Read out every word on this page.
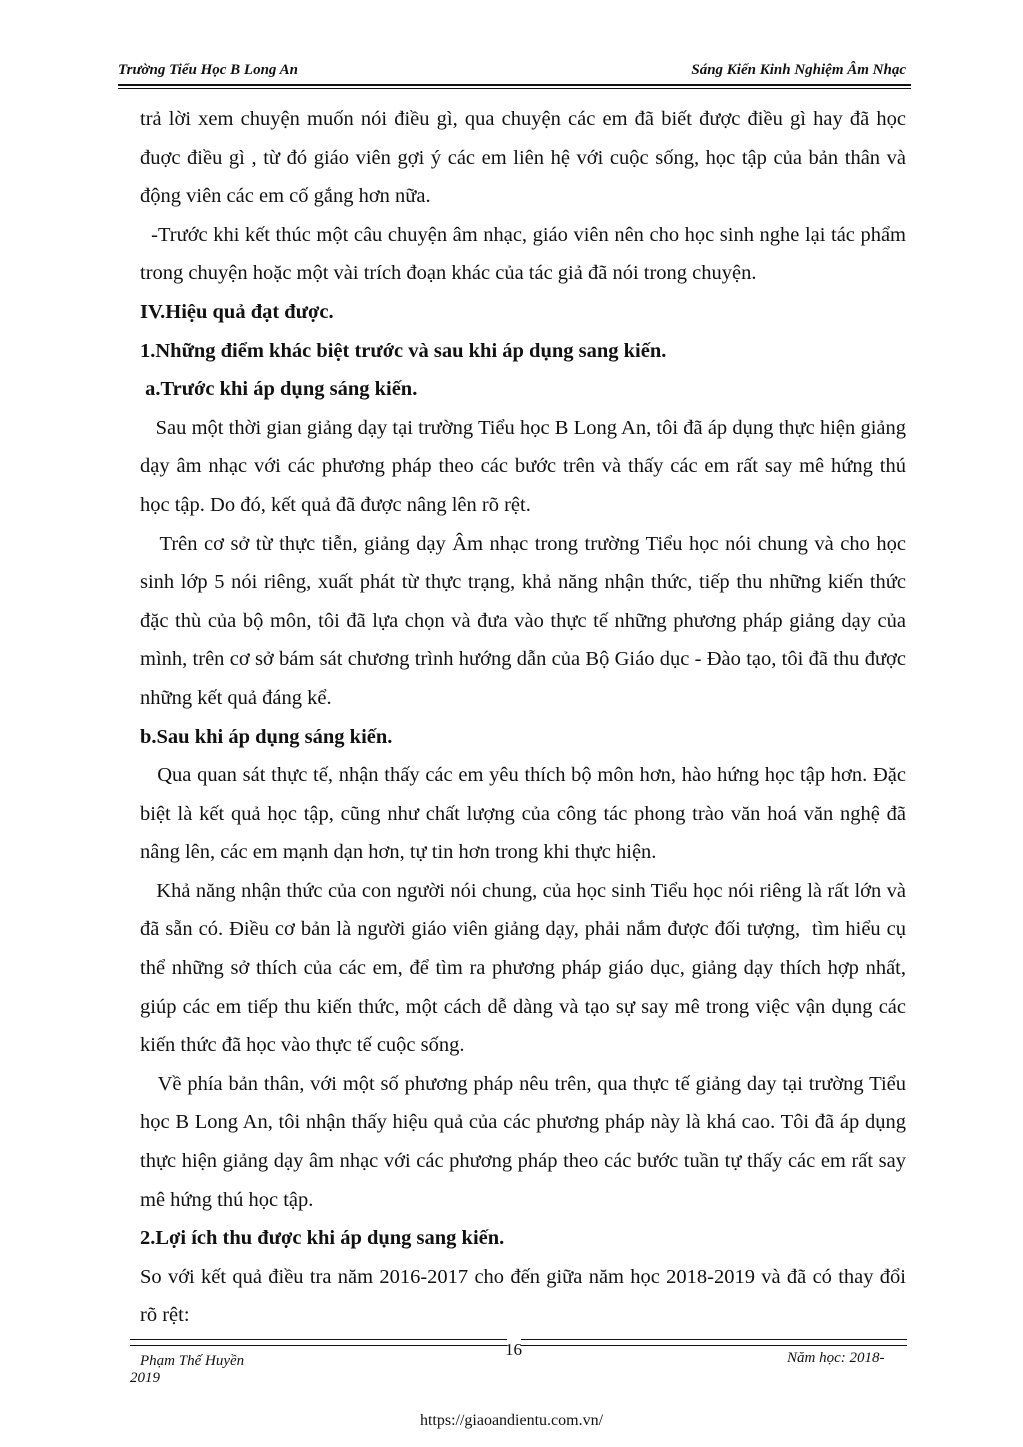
Trường Tiểu Học B Long An	Sáng Kiến Kinh Nghiệm Âm Nhạc

trả lời xem chuyện muốn nói điều gì, qua chuyện các em đã biết được điều gì hay đã học đuợc điều gì , từ đó giáo viên gợi ý các em liên hệ với cuộc sống, học tập của bản thân và động viên các em cố gắng hơn nữa.

-Trước khi kết thúc một câu chuyện âm nhạc, giáo viên nên cho học sinh nghe lại tác phẩm trong chuyện hoặc một vài trích đoạn khác của tác giả đã nói trong chuyện.

IV.Hiệu quả đạt được.

1.Những điểm khác biệt trước và sau khi áp dụng sang kiến.

a.Trước khi áp dụng sáng kiến.

Sau một thời gian giảng dạy tại trường Tiểu học B Long An, tôi đã áp dụng thực hiện giảng dạy âm nhạc với các phương pháp theo các bước trên và thấy các em rất say mê hứng thú học tập. Do đó, kết quả đã được nâng lên rõ rệt.

Trên cơ sở từ thực tiễn, giảng dạy Âm nhạc trong trường Tiểu học nói chung và cho học sinh lớp 5 nói riêng, xuất phát từ thực trạng, khả năng nhận thức, tiếp thu những kiến thức đặc thù của bộ môn, tôi đã lựa chọn và đưa vào thực tế những phương pháp giảng dạy của mình, trên cơ sở bám sát chương trình hướng dẫn của Bộ Giáo dục - Đào tạo, tôi đã thu được những kết quả đáng kể.

b.Sau khi áp dụng sáng kiến.

Qua quan sát thực tế, nhận thấy các em yêu thích bộ môn hơn, hào hứng học tập hơn. Đặc biệt là kết quả học tập, cũng như chất lượng của công tác phong trào văn hoá văn nghệ đã nâng lên, các em mạnh dạn hơn, tự tin hơn trong khi thực hiện.

Khả năng nhận thức của con người nói chung, của học sinh Tiểu học nói riêng là rất lớn và đã sẵn có. Điều cơ bản là người giáo viên giảng dạy, phải nắm được đối tượng,  tìm hiểu cụ thể những sở thích của các em, để tìm ra phương pháp giáo dục, giảng dạy thích hợp nhất,  giúp các em tiếp thu kiến thức, một cách dễ dàng và tạo sự say mê trong việc vận dụng các kiến thức đã học vào thực tế cuộc sống.

Về phía bản thân, với một số phương pháp nêu trên, qua thực tế giảng day tại trường Tiểu học B Long An, tôi nhận thấy hiệu quả của các phương pháp này là khá cao. Tôi đã áp dụng thực hiện giảng dạy âm nhạc với các phương pháp theo các bước tuần tự thấy các em rất say mê hứng thú học tập.

2.Lợi ích thu được khi áp dụng sang kiến.

So với kết quả điều tra năm 2016-2017 cho đến giữa năm học 2018-2019 và đã có thay đổi rõ rệt:

Phạm Thế Huyền
2019
16	Năm học: 2018-
https://giaoandientu.com.vn/
